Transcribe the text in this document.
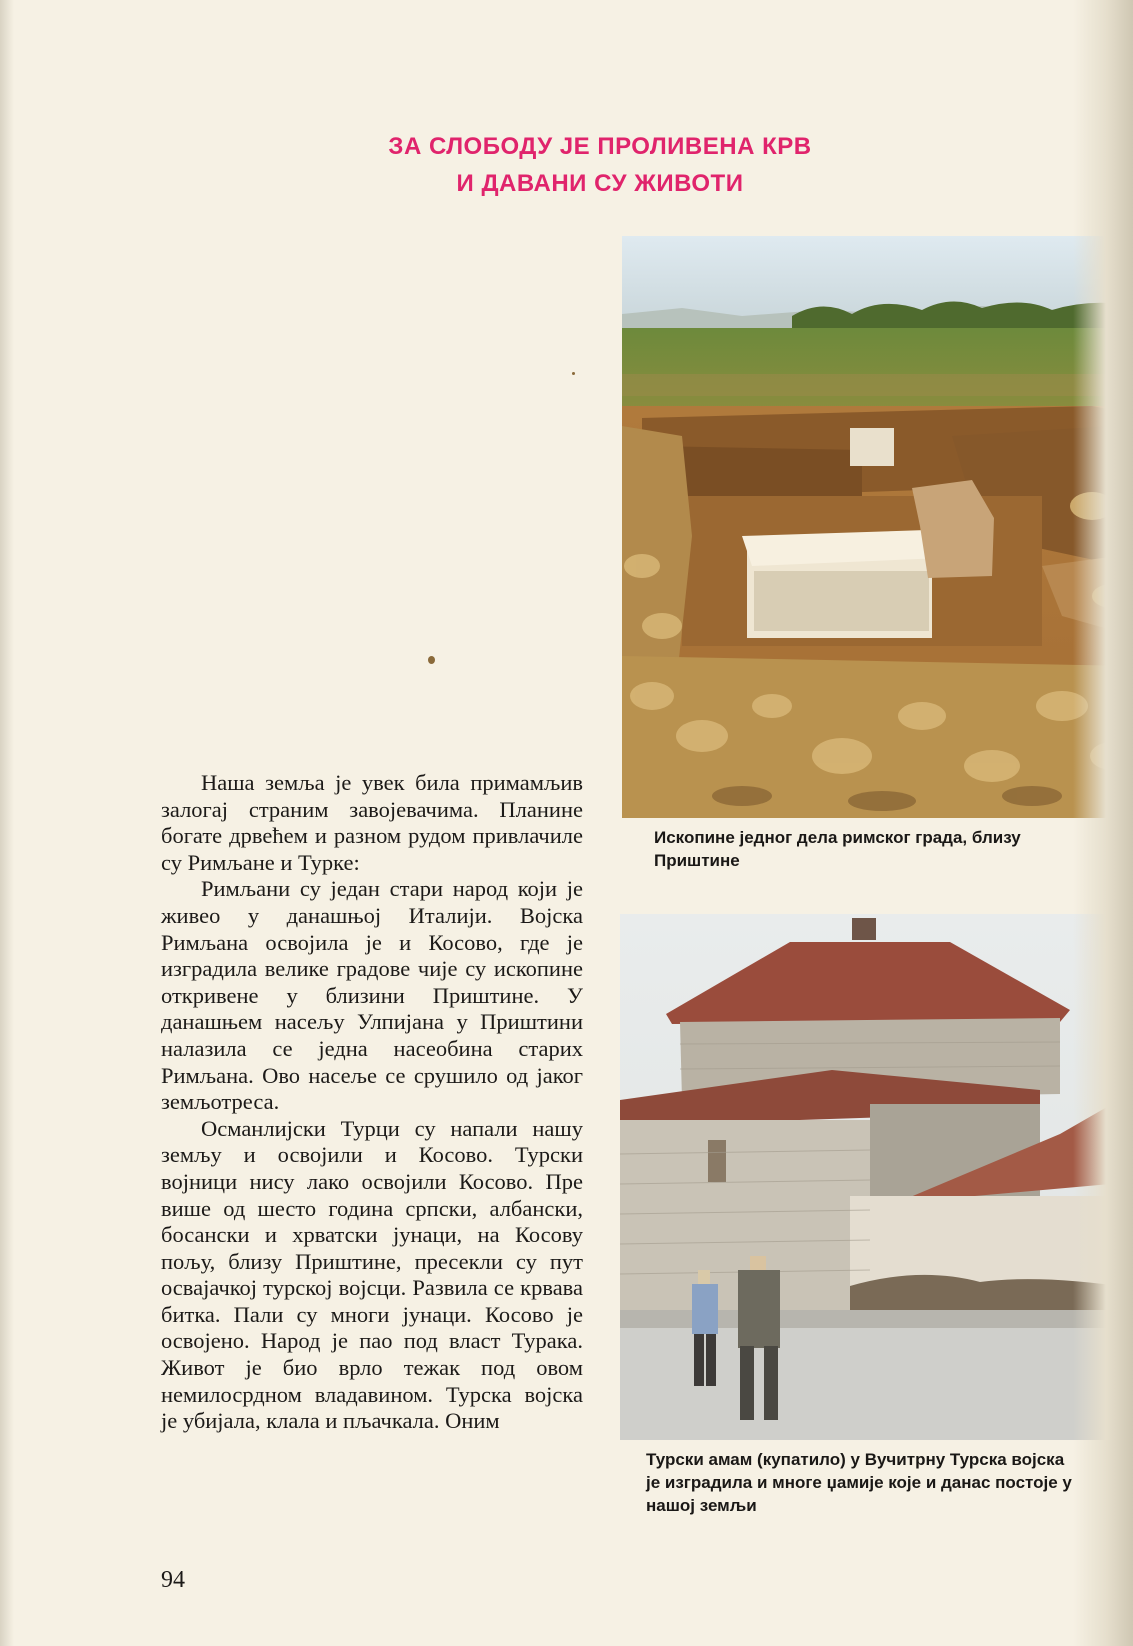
ЗА СЛОБОДУ ЈЕ ПРОЛИВЕНА КРВ
И ДАВАНИ СУ ЖИВОТИ
Ископине једног дела римског града, близу Приштине
Турски амам (купатило) у Вучитрну Турска војска је изградила и многе џамије које и данас постоје у нашој земљи

Наша земља је увек била примамљив залогај страним завојевачима. Планине богате дрвећем и разном рудом привлачиле су Римљане и Турке:

Римљани су један стари народ који је живео у данашњој Италији. Војска Римљана освојила је и Косово, где је изградила велике градове чије су ископине откривене у близини Приштине. У данашњем насељу Улпијана у Приштини налазила се једна насеобина старих Римљана. Ово насеље се срушило од јаког земљотреса.

Османлијски Турци су напали нашу земљу и освојили и Косово. Турски војници нису лако освојили Косово. Пре више од шесто година српски, албански, босански и хрватски јунаци, на Косову пољу, близу Приштине, пресекли су пут освајачкој турској војсци. Развила се крвава битка. Пали су многи јунаци. Косово је освојено. Народ је пао под власт Турака. Живот је био врло тежак под овом немилосрдном владавином. Турска војска је убијала, клала и пљачкала. Оним

94
